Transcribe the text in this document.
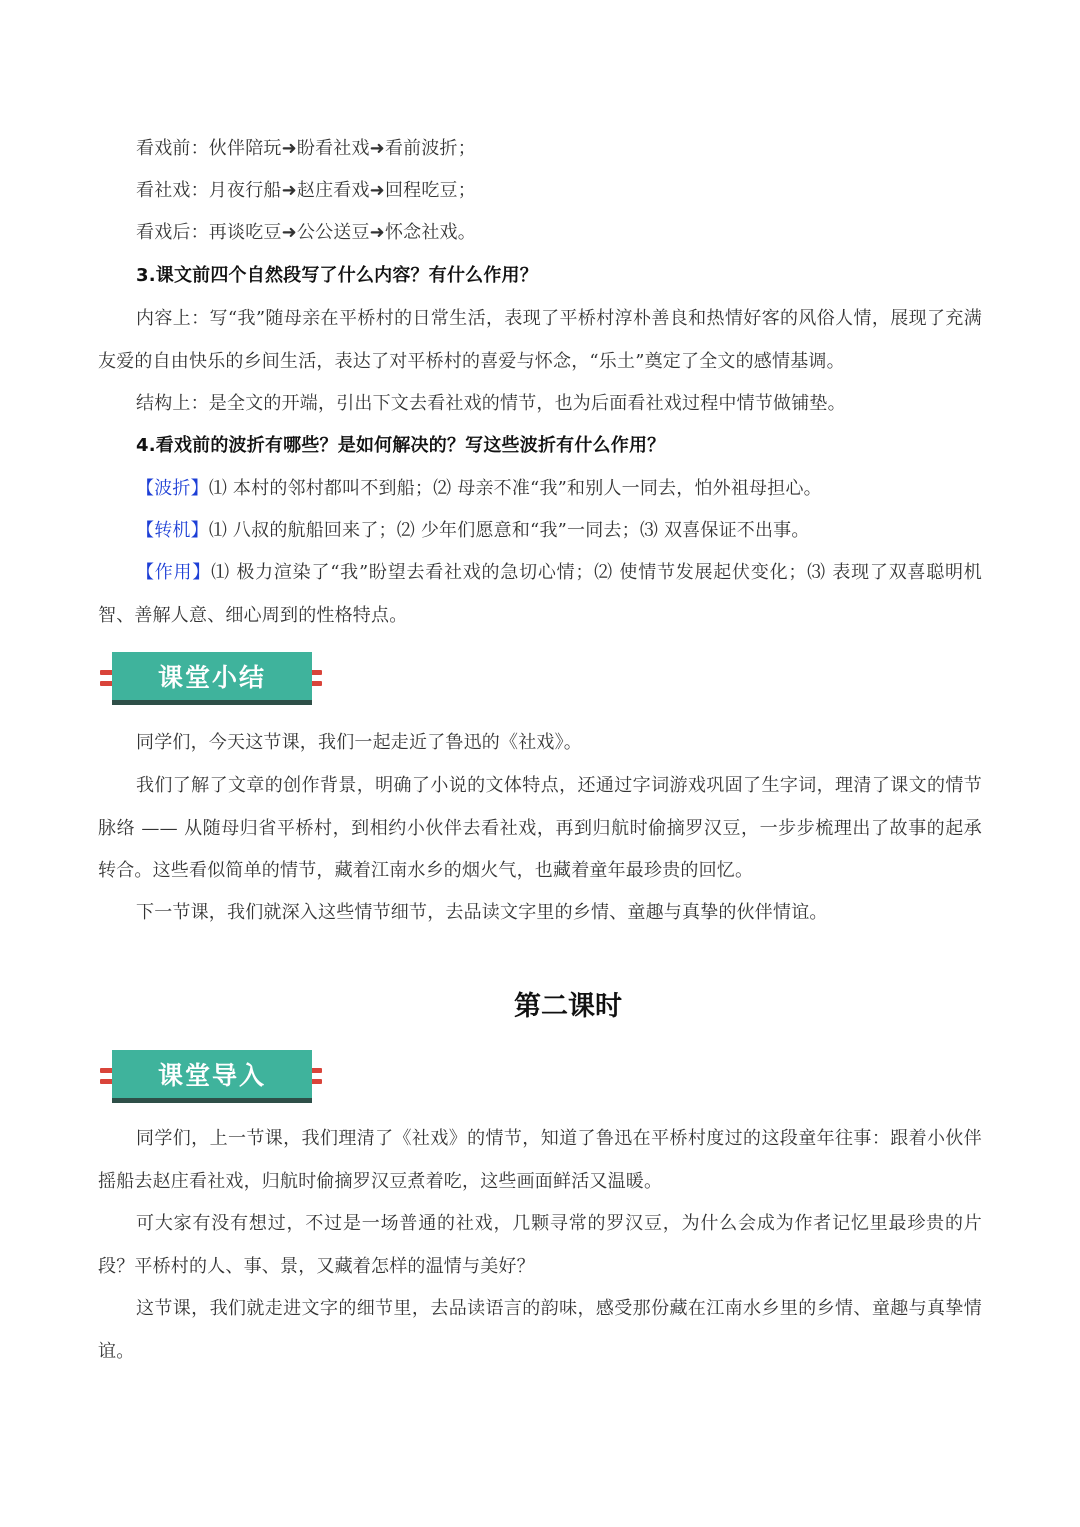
看戏前：伙伴陪玩➜盼看社戏➜看前波折；

看社戏：月夜行船➜赵庄看戏➜回程吃豆；

看戏后：再谈吃豆➜公公送豆➜怀念社戏。

3.课文前四个自然段写了什么内容？有什么作用？

内容上：写“我”随母亲在平桥村的日常生活，表现了平桥村淳朴善良和热情好客的风俗人情，展现了充满友爱的自由快乐的乡间生活，表达了对平桥村的喜爱与怀念，“乐土”奠定了全文的感情基调。

结构上：是全文的开端，引出下文去看社戏的情节，也为后面看社戏过程中情节做铺垫。

4.看戏前的波折有哪些？是如何解决的？写这些波折有什么作用？

【波折】⑴ 本村的邻村都叫不到船；⑵ 母亲不准“我”和别人一同去，怕外祖母担心。

【转机】⑴ 八叔的航船回来了；⑵ 少年们愿意和“我”一同去；⑶ 双喜保证不出事。

【作用】⑴ 极力渲染了“我”盼望去看社戏的急切心情；⑵ 使情节发展起伏变化；⑶ 表现了双喜聪明机智、善解人意、细心周到的性格特点。

课堂小结

同学们，今天这节课，我们一起走近了鲁迅的《社戏》。

我们了解了文章的创作背景，明确了小说的文体特点，还通过字词游戏巩固了生字词，理清了课文的情节脉络 —— 从随母归省平桥村，到相约小伙伴去看社戏，再到归航时偷摘罗汉豆，一步步梳理出了故事的起承转合。这些看似简单的情节，藏着江南水乡的烟火气，也藏着童年最珍贵的回忆。

下一节课，我们就深入这些情节细节，去品读文字里的乡情、童趣与真挚的伙伴情谊。

第二课时
课堂导入

同学们，上一节课，我们理清了《社戏》的情节，知道了鲁迅在平桥村度过的这段童年往事：跟着小伙伴摇船去赵庄看社戏，归航时偷摘罗汉豆煮着吃，这些画面鲜活又温暖。

可大家有没有想过，不过是一场普通的社戏，几颗寻常的罗汉豆，为什么会成为作者记忆里最珍贵的片段？平桥村的人、事、景，又藏着怎样的温情与美好？

这节课，我们就走进文字的细节里，去品读语言的韵味，感受那份藏在江南水乡里的乡情、童趣与真挚情谊。
